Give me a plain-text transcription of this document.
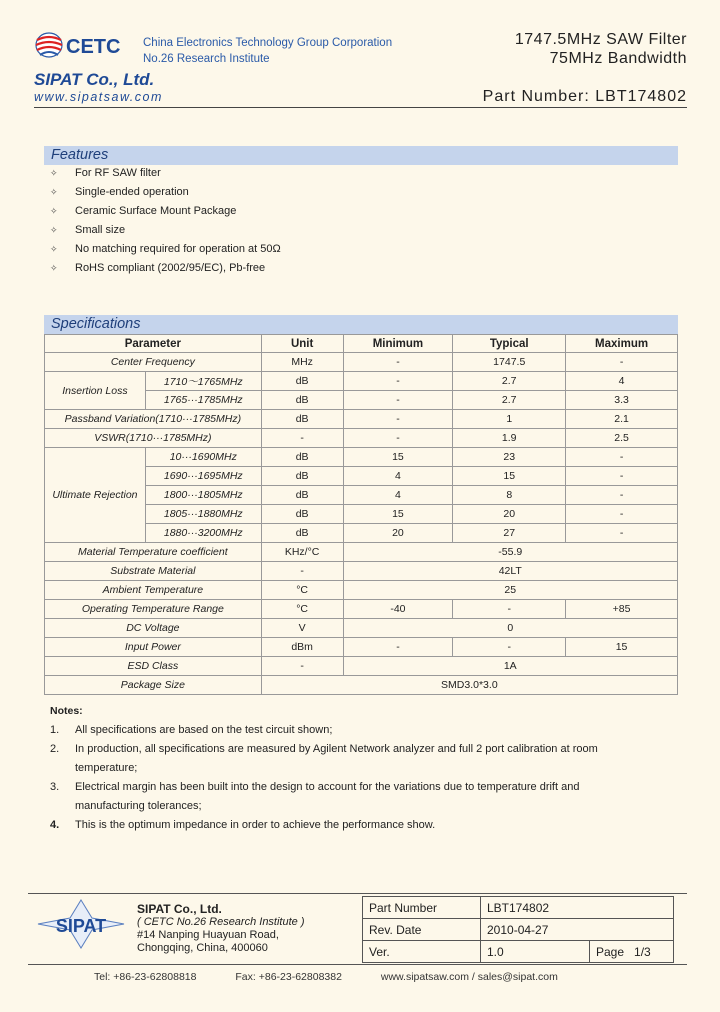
CETC China Electronics Technology Group Corporation
No.26 Research Institute
1747.5MHz SAW Filter
75MHz Bandwidth
SIPAT Co., Ltd.
www.sipatsaw.com	Part Number: LBT174802
Features
✧ For RF SAW filter
✧ Single-ended operation
✧ Ceramic Surface Mount Package
✧ Small size
✧ No matching required for operation at 50Ω
✧ RoHS compliant (2002/95/EC), Pb-free
Specifications
Parameter		Unit	Minimum	Typical	Maximum
Center Frequency		MHz	-	1747.5	-
Insertion Loss	1710～1765MHz	dB	-	2.7	4
	1765···1785MHz	dB	-	2.7	3.3
Passband Variation(1710···1785MHz)		dB	-	1	2.1
VSWR(1710···1785MHz)		-	-	1.9	2.5
Ultimate Rejection	10···1690MHz	dB	15	23	-
	1690···1695MHz	dB	4	15	-
	1800···1805MHz	dB	4	8	-
	1805···1880MHz	dB	15	20	-
	1880···3200MHz	dB	20	27	-
Material Temperature coefficient		KHz/°C	-55.9		
Substrate Material		-	42LT		
Ambient Temperature		°C	25		
Operating Temperature Range		°C	-40	-	+85
DC Voltage		V	0		
Input Power		dBm	-	-	15
ESD Class		-	1A		
Package Size		SMD3.0*3.0			
Notes:
1. All specifications are based on the test circuit shown;
2. In production, all specifications are measured by Agilent Network analyzer and full 2 port calibration at room temperature;
3. Electrical margin has been built into the design to account for the variations due to temperature drift and manufacturing tolerances;
4. This is the optimum impedance in order to achieve the performance show.
SIPAT
SIPAT Co., Ltd.
( CETC No.26 Research Institute )
#14 Nanping Huayuan Road,
Chongqing, China, 400060
Part Number	LBT174802	
Rev. Date	2010-04-27	
Ver.	1.0	Page 1/3
Tel: +86-23-62808818	Fax: +86-23-62808382	www.sipatsaw.com / sales@sipat.com
